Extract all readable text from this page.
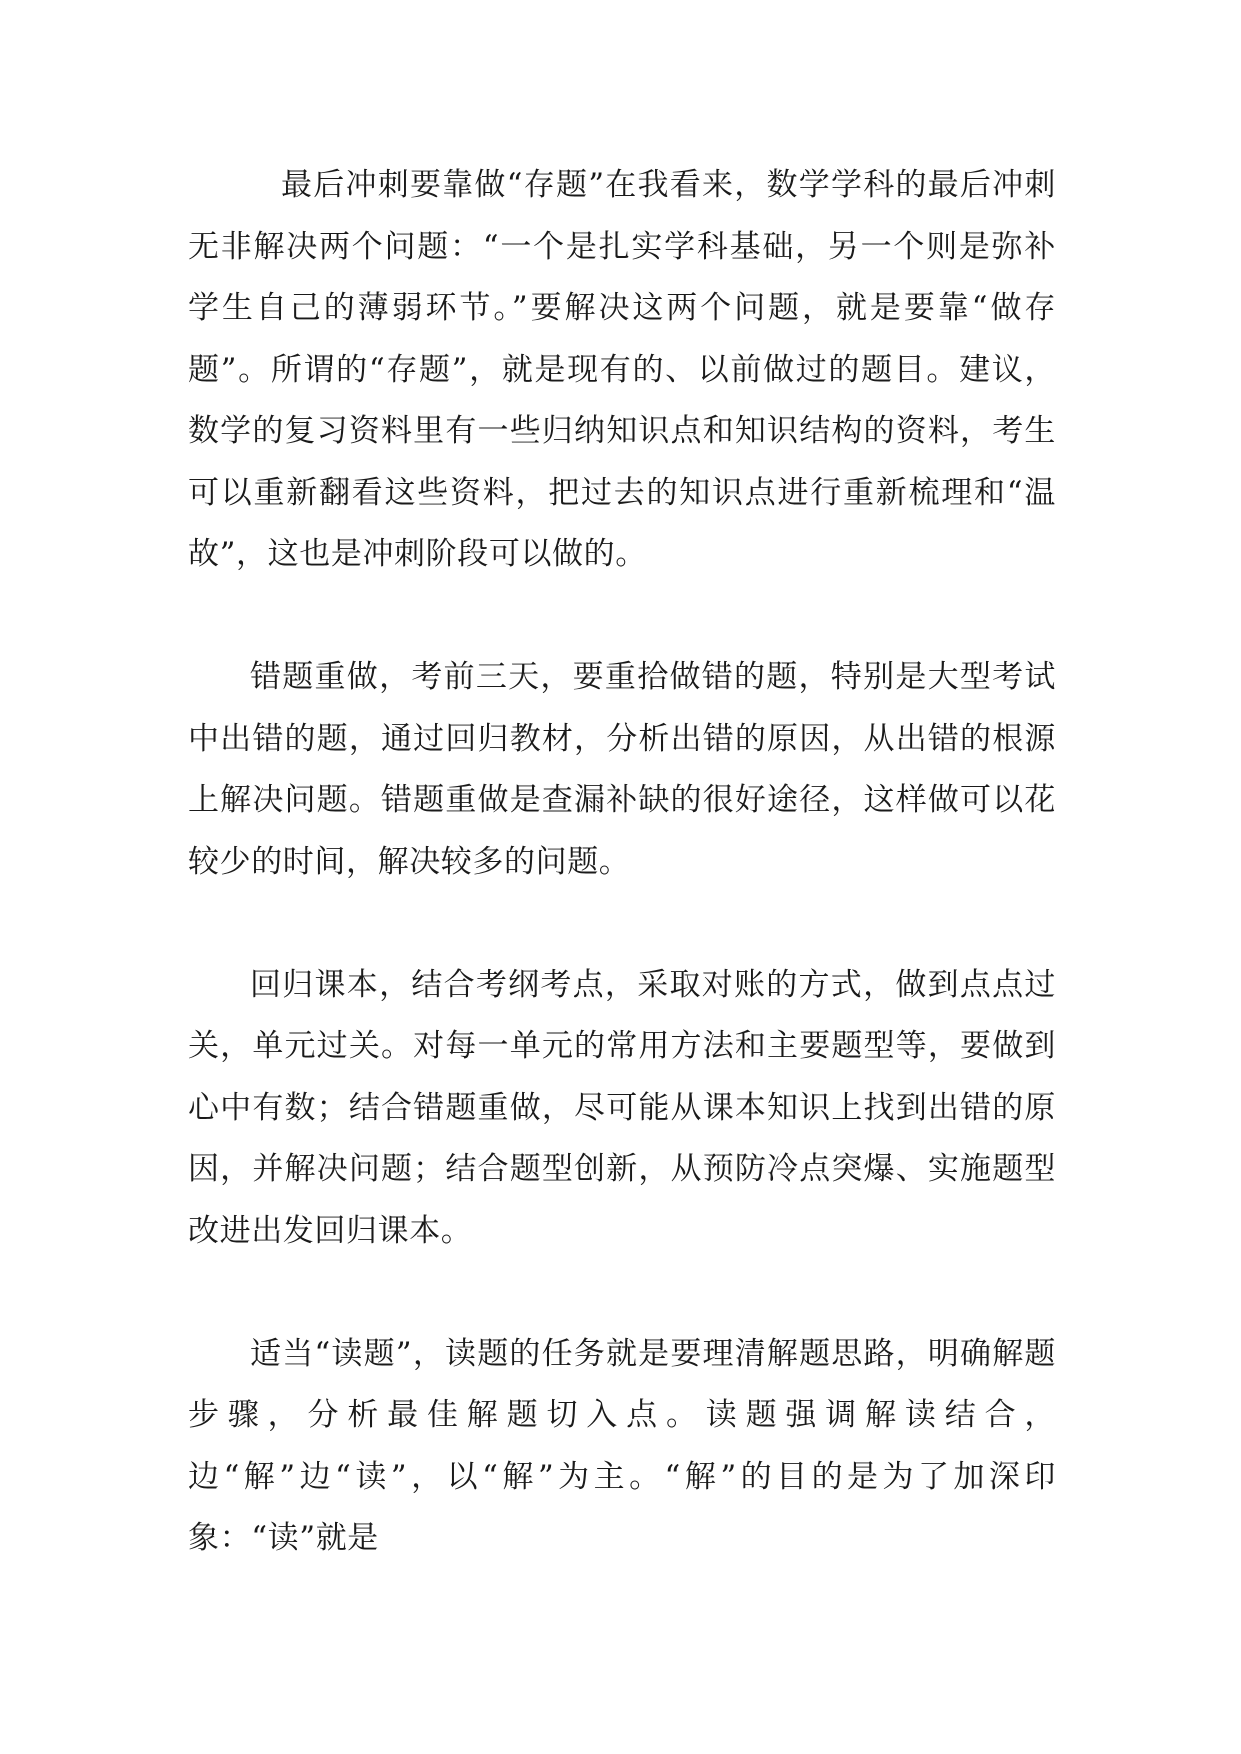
最后冲刺要靠做“存题”在我看来，数学学科的最后冲刺无非解决两个问题：“一个是扎实学科基础，另一个则是弥补学生自己的薄弱环节。”要解决这两个问题，就是要靠“做存题”。所谓的“存题”，就是现有的、以前做过的题目。建议，数学的复习资料里有一些归纳知识点和知识结构的资料，考生可以重新翻看这些资料，把过去的知识点进行重新梳理和“温故”，这也是冲刺阶段可以做的。

错题重做，考前三天，要重拾做错的题，特别是大型考试中出错的题，通过回归教材，分析出错的原因，从出错的根源上解决问题。错题重做是查漏补缺的很好途径，这样做可以花较少的时间，解决较多的问题。

回归课本，结合考纲考点，采取对账的方式，做到点点过关，单元过关。对每一单元的常用方法和主要题型等，要做到心中有数；结合错题重做，尽可能从课本知识上找到出错的原因，并解决问题；结合题型创新，从预防冷点突爆、实施题型改进出发回归课本。

适当“读题”，读题的任务就是要理清解题思路，明确解题步骤，分析最佳解题切入点。读题强调解读结合，边“解”边“读”，以“解”为主。“解”的目的是为了加深印象：“读”就是
